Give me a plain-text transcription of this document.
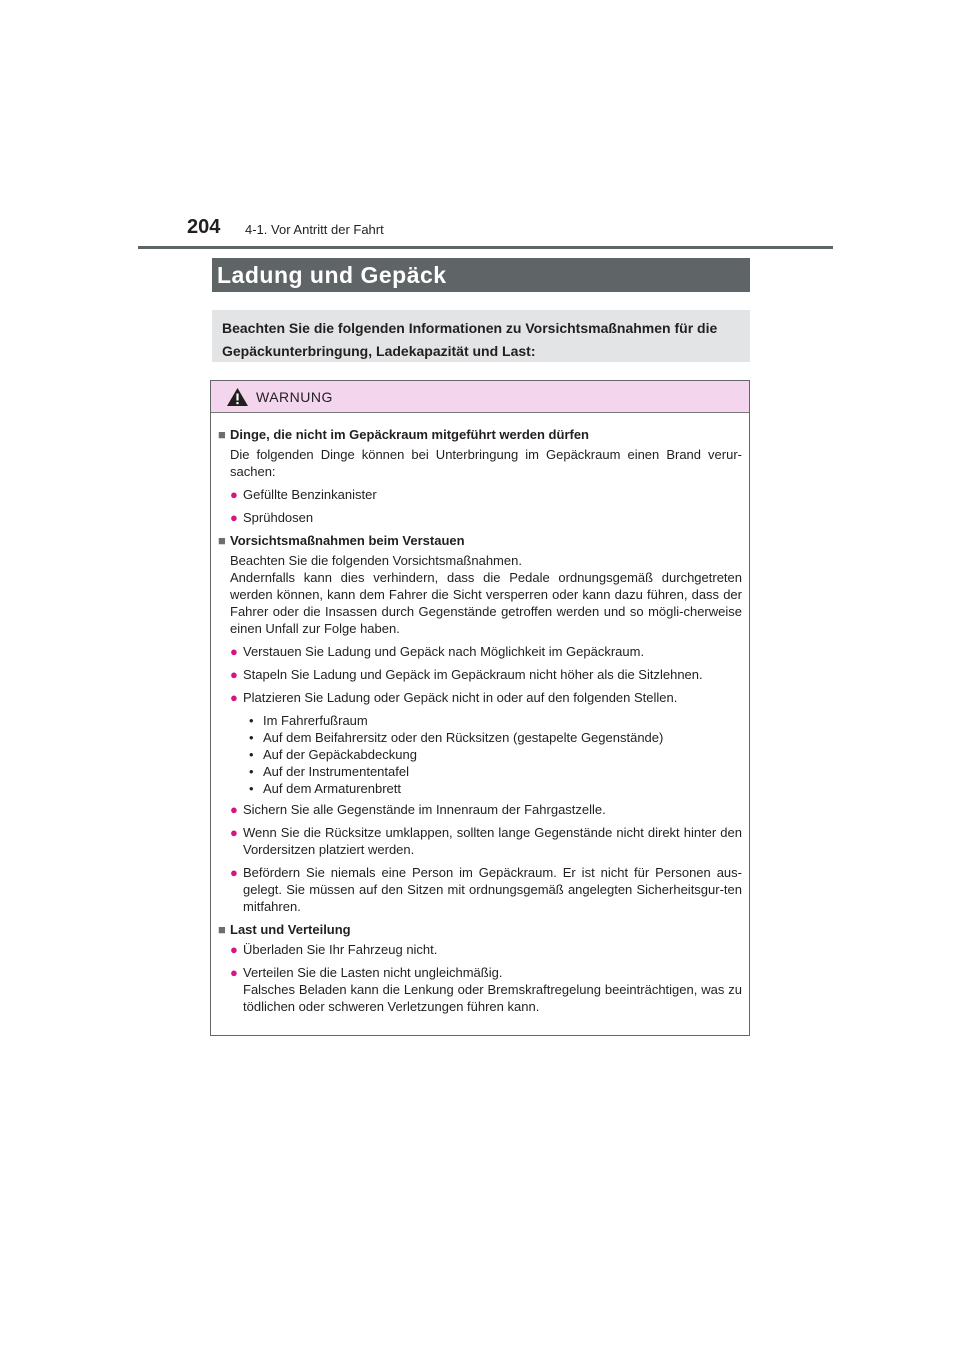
204 4-1. Vor Antritt der Fahrt
Ladung und Gepäck
Beachten Sie die folgenden Informationen zu Vorsichtsmaßnahmen für die Gepäckunterbringung, Ladekapazität und Last:
WARNUNG
■ Dinge, die nicht im Gepäckraum mitgeführt werden dürfen
Die folgenden Dinge können bei Unterbringung im Gepäckraum einen Brand verur-sachen:
● Gefüllte Benzinkanister
● Sprühdosen
■ Vorsichtsmaßnahmen beim Verstauen
Beachten Sie die folgenden Vorsichtsmaßnahmen.
Andernfalls kann dies verhindern, dass die Pedale ordnungsgemäß durchgetreten werden können, kann dem Fahrer die Sicht versperren oder kann dazu führen, dass der Fahrer oder die Insassen durch Gegenstände getroffen werden und so mögli-cherweise einen Unfall zur Folge haben.
● Verstauen Sie Ladung und Gepäck nach Möglichkeit im Gepäckraum.
● Stapeln Sie Ladung und Gepäck im Gepäckraum nicht höher als die Sitzlehnen.
● Platzieren Sie Ladung oder Gepäck nicht in oder auf den folgenden Stellen.
• Im Fahrerfußraum
• Auf dem Beifahrersitz oder den Rücksitzen (gestapelte Gegenstände)
• Auf der Gepäckabdeckung
• Auf der Instrumententafel
• Auf dem Armaturenbrett
● Sichern Sie alle Gegenstände im Innenraum der Fahrgastzelle.
● Wenn Sie die Rücksitze umklappen, sollten lange Gegenstände nicht direkt hinter den Vordersitzen platziert werden.
● Befördern Sie niemals eine Person im Gepäckraum. Er ist nicht für Personen aus-gelegt. Sie müssen auf den Sitzen mit ordnungsgemäß angelegten Sicherheitsgur-ten mitfahren.
■ Last und Verteilung
● Überladen Sie Ihr Fahrzeug nicht.
● Verteilen Sie die Lasten nicht ungleichmäßig.
Falsches Beladen kann die Lenkung oder Bremskraftregelung beeinträchtigen, was zu tödlichen oder schweren Verletzungen führen kann.
